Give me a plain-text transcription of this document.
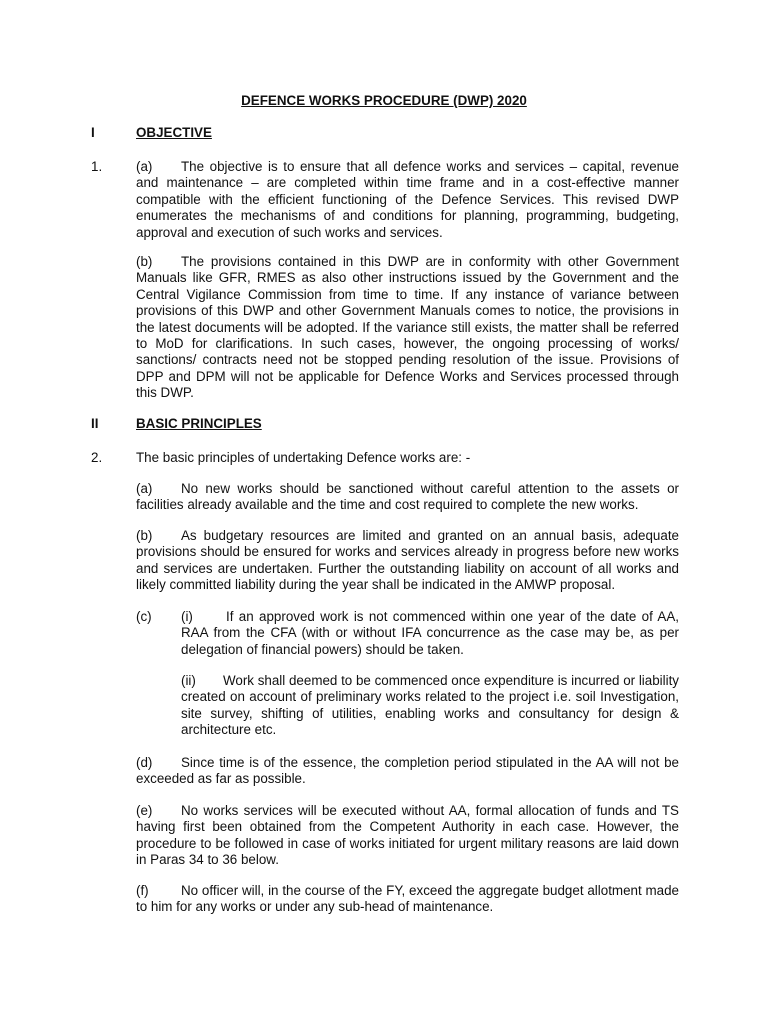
DEFENCE WORKS PROCEDURE (DWP) 2020
I	OBJECTIVE
1.	(a) The objective is to ensure that all defence works and services – capital, revenue and maintenance – are completed within time frame and in a cost-effective manner compatible with the efficient functioning of the Defence Services. This revised DWP enumerates the mechanisms of and conditions for planning, programming, budgeting, approval and execution of such works and services.
(b) The provisions contained in this DWP are in conformity with other Government Manuals like GFR, RMES as also other instructions issued by the Government and the Central Vigilance Commission from time to time. If any instance of variance between provisions of this DWP and other Government Manuals comes to notice, the provisions in the latest documents will be adopted. If the variance still exists, the matter shall be referred to MoD for clarifications. In such cases, however, the ongoing processing of works/ sanctions/ contracts need not be stopped pending resolution of the issue. Provisions of DPP and DPM will not be applicable for Defence Works and Services processed through this DWP.
II	BASIC PRINCIPLES
2.	The basic principles of undertaking Defence works are: -
(a) No new works should be sanctioned without careful attention to the assets or facilities already available and the time and cost required to complete the new works.
(b) As budgetary resources are limited and granted on an annual basis, adequate provisions should be ensured for works and services already in progress before new works and services are undertaken. Further the outstanding liability on account of all works and likely committed liability during the year shall be indicated in the AMWP proposal.
(c) (i) If an approved work is not commenced within one year of the date of AA, RAA from the CFA (with or without IFA concurrence as the case may be, as per delegation of financial powers) should be taken.
(ii) Work shall deemed to be commenced once expenditure is incurred or liability created on account of preliminary works related to the project i.e. soil Investigation, site survey, shifting of utilities, enabling works and consultancy for design & architecture etc.
(d) Since time is of the essence, the completion period stipulated in the AA will not be exceeded as far as possible.
(e) No works services will be executed without AA, formal allocation of funds and TS having first been obtained from the Competent Authority in each case. However, the procedure to be followed in case of works initiated for urgent military reasons are laid down in Paras 34 to 36 below.
(f) No officer will, in the course of the FY, exceed the aggregate budget allotment made to him for any works or under any sub-head of maintenance.
